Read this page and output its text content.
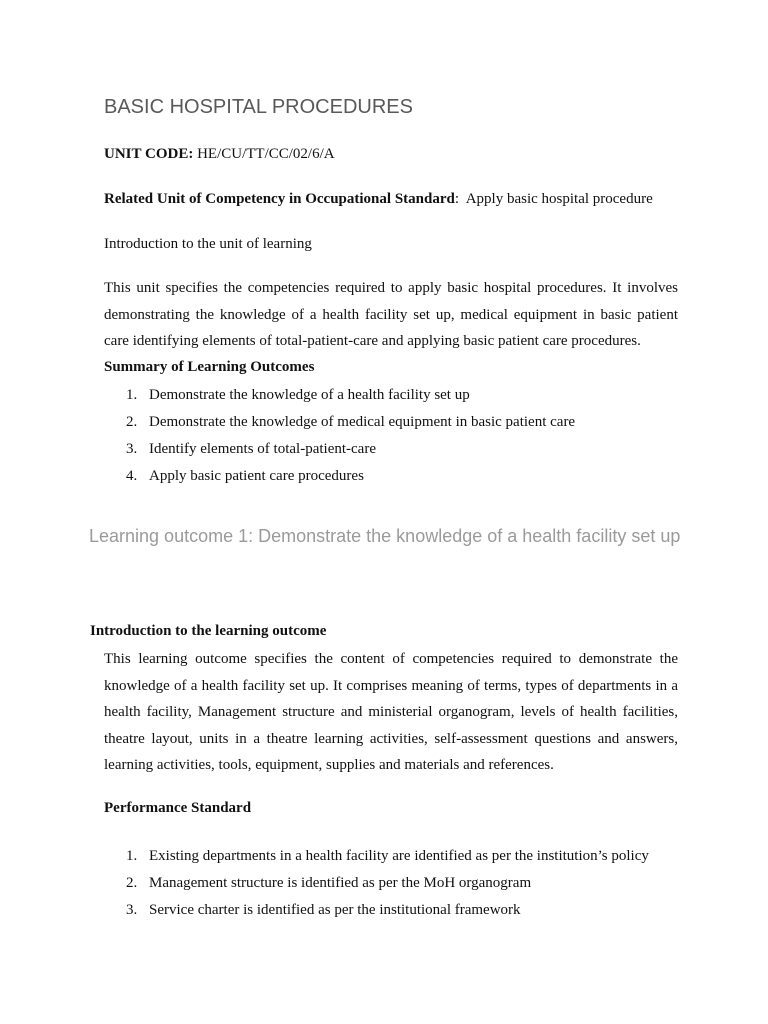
BASIC HOSPITAL PROCEDURES
UNIT CODE: HE/CU/TT/CC/02/6/A
Related Unit of Competency in Occupational Standard: Apply basic hospital procedure
Introduction to the unit of learning
This unit specifies the competencies required to apply basic hospital procedures. It involves demonstrating the knowledge of a health facility set up, medical equipment in basic patient care identifying elements of total-patient-care and applying basic patient care procedures.
Summary of Learning Outcomes
1. Demonstrate the knowledge of a health facility set up
2. Demonstrate the knowledge of medical equipment in basic patient care
3. Identify elements of total-patient-care
4. Apply basic patient care procedures
Learning outcome 1: Demonstrate the knowledge of a health facility set up
Introduction to the learning outcome
This learning outcome specifies the content of competencies required to demonstrate the knowledge of a health facility set up. It comprises meaning of terms, types of departments in a health facility, Management structure and ministerial organogram, levels of health facilities, theatre layout, units in a theatre learning activities, self-assessment questions and answers, learning activities, tools, equipment, supplies and materials and references.
Performance Standard
1. Existing departments in a health facility are identified as per the institution’s policy
2. Management structure is identified as per the MoH organogram
3. Service charter is identified as per the institutional framework
